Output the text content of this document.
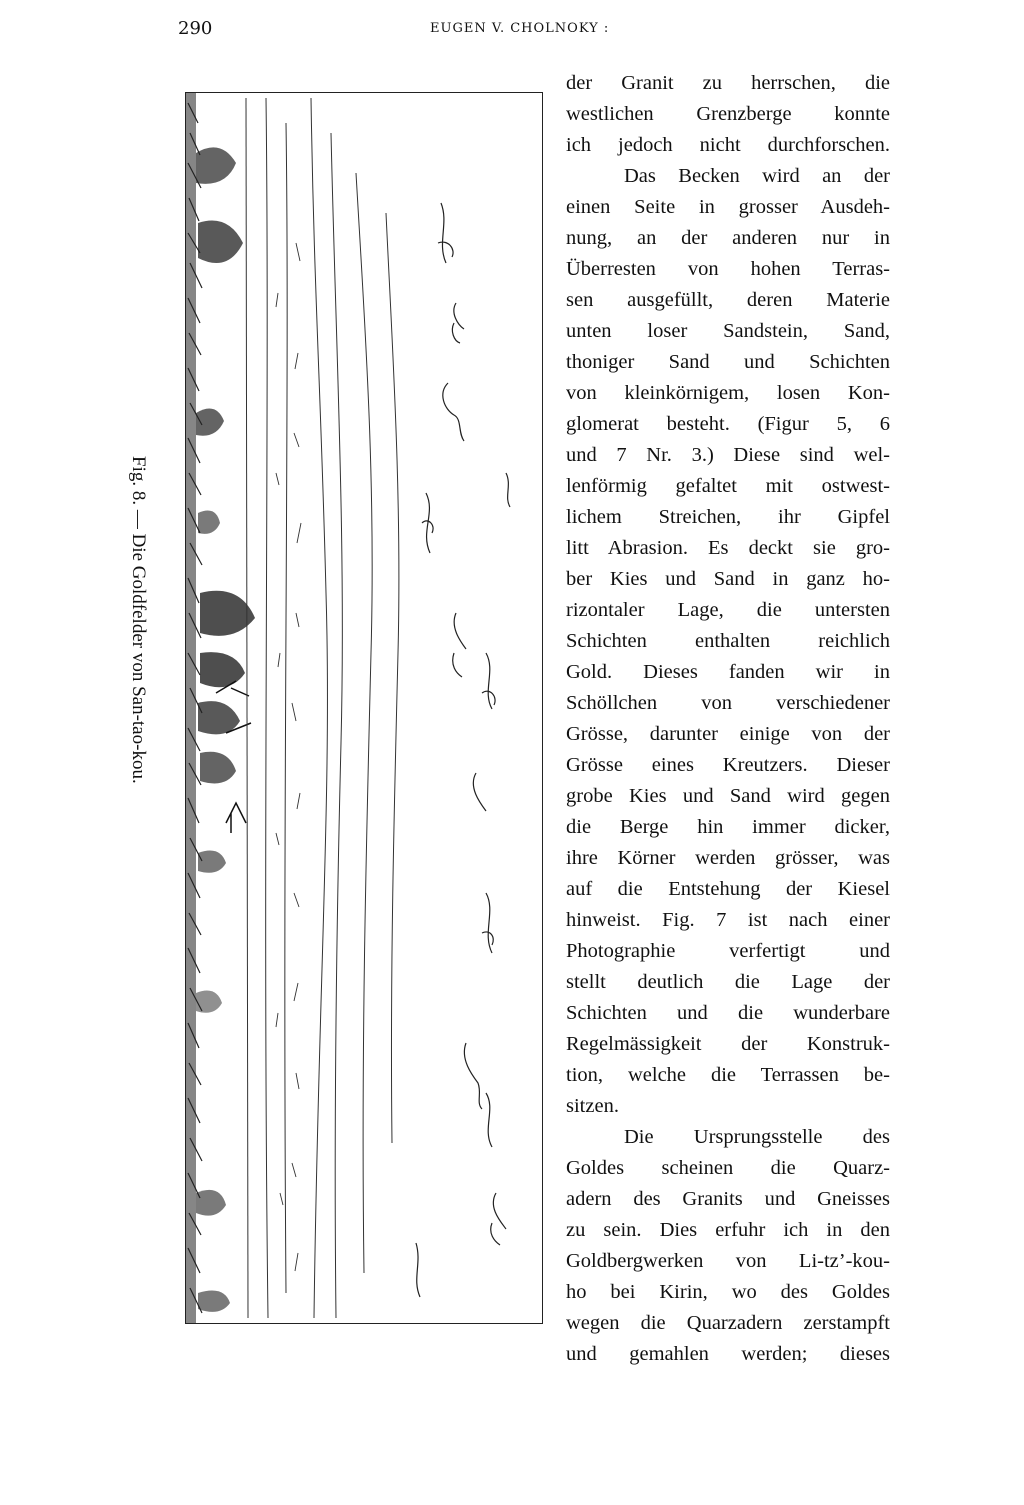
290	EUGEN V. CHOLNOKY :
Fig. 8. — Die Goldfelder von San-tao-kou.
der Granit zu herrschen, die
westlichen Grenzberge konnte
ich jedoch nicht durchforschen.
Das Becken wird an der
einen Seite in grosser Ausdeh-
nung, an der anderen nur in
Überresten von hohen Terras-
sen ausgefüllt, deren Materie
unten loser Sandstein, Sand,
thoniger Sand und Schichten
von kleinkörnigem, losen Kon-
glomerat besteht. (Figur 5, 6
und 7 Nr. 3.) Diese sind wel-
lenförmig gefaltet mit ostwest-
lichem Streichen, ihr Gipfel
litt Abrasion. Es deckt sie gro-
ber Kies und Sand in ganz ho-
rizontaler Lage, die untersten
Schichten enthalten reichlich
Gold. Dieses fanden wir in
Schöllchen von verschiedener
Grösse, darunter einige von der
Grösse eines Kreutzers. Dieser
grobe Kies und Sand wird gegen
die Berge hin immer dicker,
ihre Körner werden grösser, was
auf die Entstehung der Kiesel
hinweist. Fig. 7 ist nach einer
Photographie verfertigt und
stellt deutlich die Lage der
Schichten und die wunderbare
Regelmässigkeit der Konstruk-
tion, welche die Terrassen be-
sitzen.
Die Ursprungsstelle des
Goldes scheinen die Quarz-
adern des Granits und Gneisses
zu sein. Dies erfuhr ich in den
Goldbergwerken von Li-tz’-kou-
ho bei Kirin, wo des Goldes
wegen die Quarzadern zerstampft
und gemahlen werden; dieses
